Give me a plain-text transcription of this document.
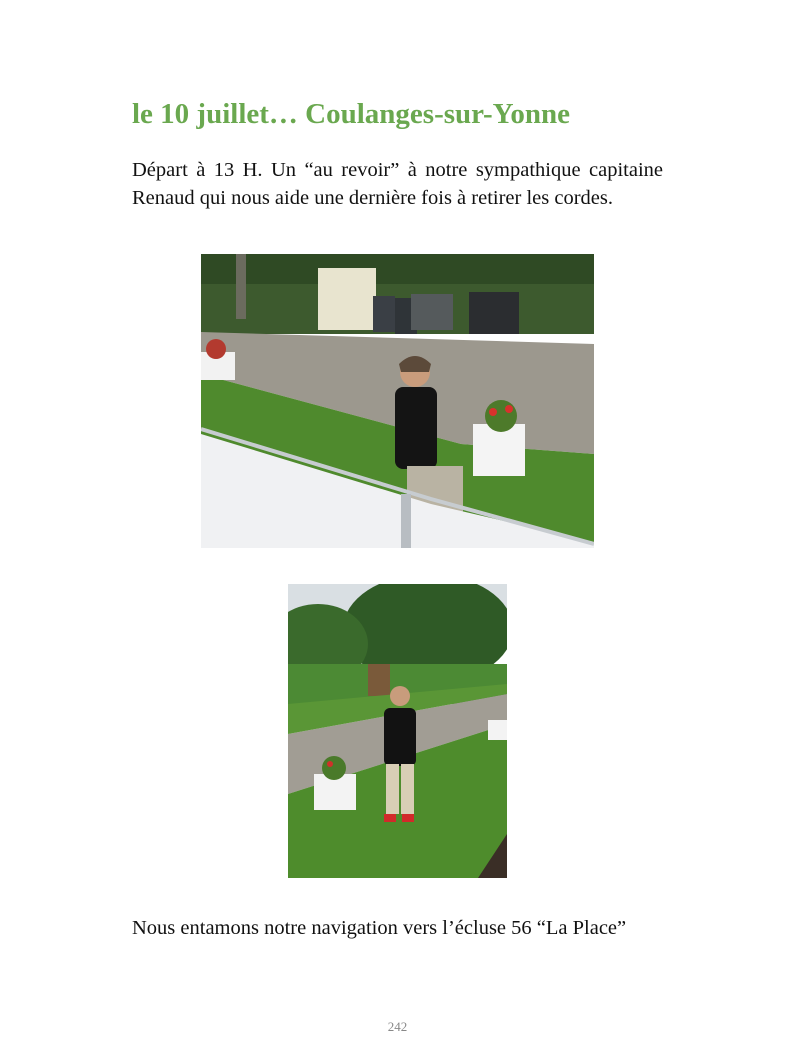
le 10 juillet… Coulanges-sur-Yonne
Départ à 13 H. Un “au revoir” à notre sympathique capitaine Renaud qui nous aide une dernière fois à retirer les cordes.
Nous entamons notre navigation vers l’écluse 56 “La Place”
242
